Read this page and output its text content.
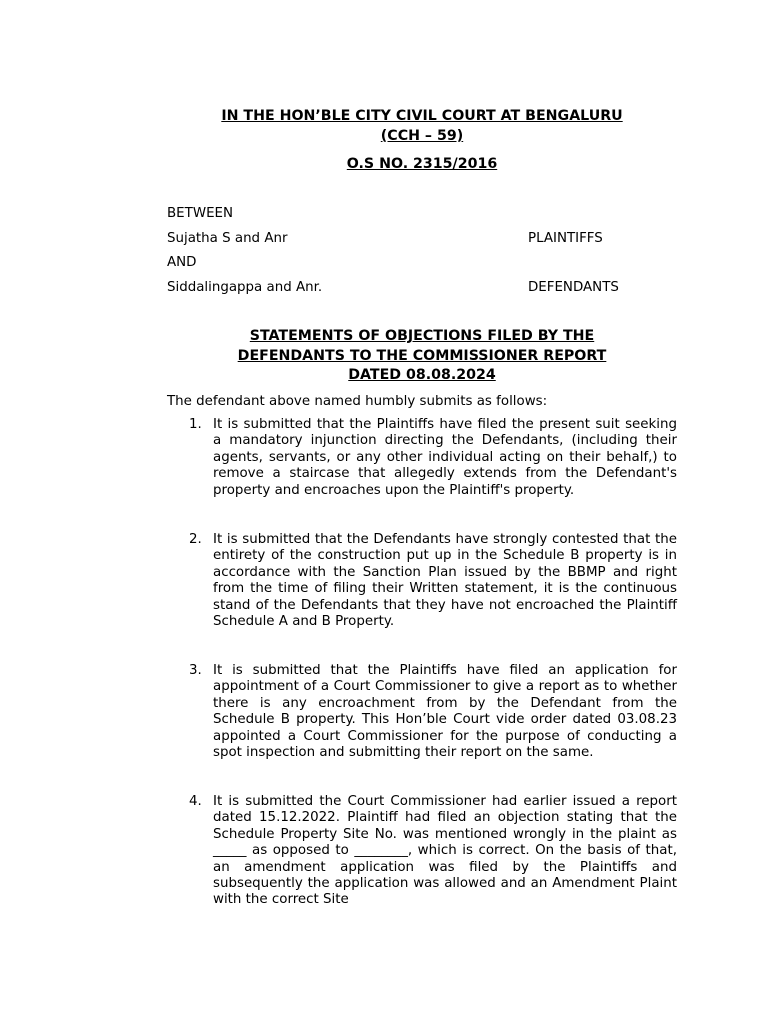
IN THE HON’BLE CITY CIVIL COURT AT BENGALURU
(CCH – 59)
O.S NO. 2315/2016
BETWEEN
Sujatha S and Anr	PLAINTIFFS
AND
Siddalingappa and Anr.	DEFENDANTS
STATEMENTS OF OBJECTIONS FILED BY THE
DEFENDANTS TO THE COMMISSIONER REPORT
DATED 08.08.2024
The defendant above named humbly submits as follows:
1. It is submitted that the Plaintiffs have filed the present suit seeking a mandatory injunction directing the Defendants, (including their agents, servants, or any other individual acting on their behalf,) to remove a staircase that allegedly extends from the Defendant's property and encroaches upon the Plaintiff's property.

2. It is submitted that the Defendants have strongly contested that the entirety of the construction put up in the Schedule B property is in accordance with the Sanction Plan issued by the BBMP and right from the time of filing their Written statement, it is the continuous stand of the Defendants that they have not encroached the Plaintiff Schedule A and B Property.

3. It is submitted that the Plaintiffs have filed an application for appointment of a Court Commissioner to give a report as to whether there is any encroachment from by the Defendant from the Schedule B property. This Hon’ble Court vide order dated 03.08.23 appointed a Court Commissioner for the purpose of conducting a spot inspection and submitting their report on the same.

4. It is submitted the Court Commissioner had earlier issued a report dated 15.12.2022. Plaintiff had filed an objection stating that the Schedule Property Site No. was mentioned wrongly in the plaint as _____ as opposed to ________, which is correct. On the basis of that, an amendment application was filed by the Plaintiffs and subsequently the application was allowed and an Amendment Plaint with the correct Site
